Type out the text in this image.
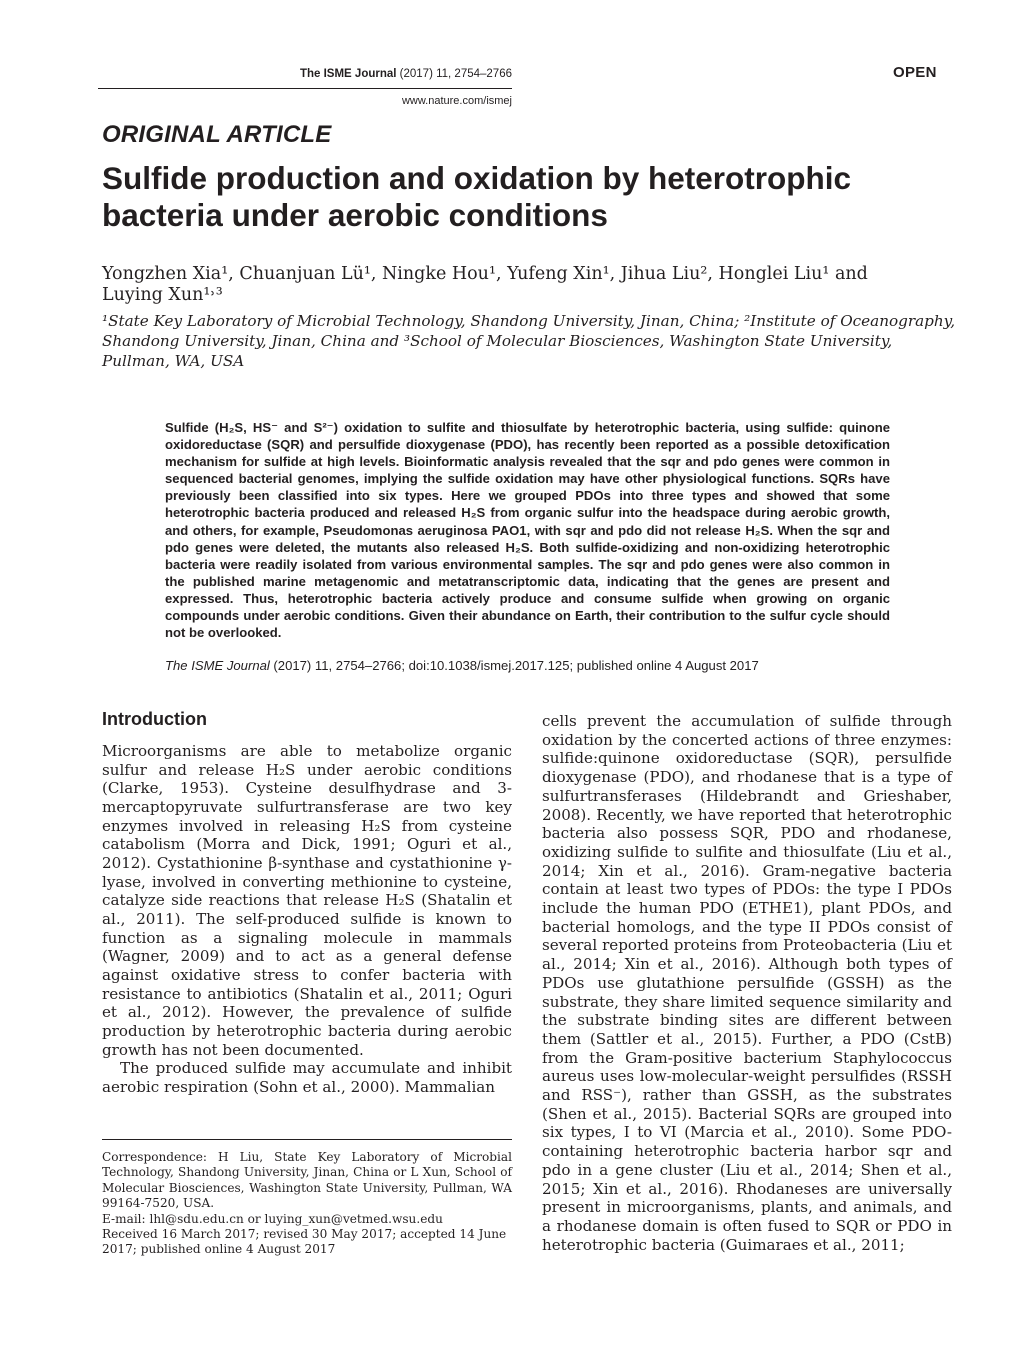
The ISME Journal (2017) 11, 2754–2766	OPEN
www.nature.com/ismej
ORIGINAL ARTICLE
Sulfide production and oxidation by heterotrophic bacteria under aerobic conditions
Yongzhen Xia¹, Chuanjuan Lü¹, Ningke Hou¹, Yufeng Xin¹, Jihua Liu², Honglei Liu¹ and Luying Xun¹˒³
¹State Key Laboratory of Microbial Technology, Shandong University, Jinan, China; ²Institute of Oceanography, Shandong University, Jinan, China and ³School of Molecular Biosciences, Washington State University, Pullman, WA, USA
Sulfide (H₂S, HS⁻ and S²⁻) oxidation to sulfite and thiosulfate by heterotrophic bacteria, using sulfide: quinone oxidoreductase (SQR) and persulfide dioxygenase (PDO), has recently been reported as a possible detoxification mechanism for sulfide at high levels. Bioinformatic analysis revealed that the sqr and pdo genes were common in sequenced bacterial genomes, implying the sulfide oxidation may have other physiological functions. SQRs have previously been classified into six types. Here we grouped PDOs into three types and showed that some heterotrophic bacteria produced and released H₂S from organic sulfur into the headspace during aerobic growth, and others, for example, Pseudomonas aeruginosa PAO1, with sqr and pdo did not release H₂S. When the sqr and pdo genes were deleted, the mutants also released H₂S. Both sulfide-oxidizing and non-oxidizing heterotrophic bacteria were readily isolated from various environmental samples. The sqr and pdo genes were also common in the published marine metagenomic and metatranscriptomic data, indicating that the genes are present and expressed. Thus, heterotrophic bacteria actively produce and consume sulfide when growing on organic compounds under aerobic conditions. Given their abundance on Earth, their contribution to the sulfur cycle should not be overlooked.
The ISME Journal (2017) 11, 2754–2766; doi:10.1038/ismej.2017.125; published online 4 August 2017
Introduction

Microorganisms are able to metabolize organic sulfur and release H₂S under aerobic conditions (Clarke, 1953). Cysteine desulfhydrase and 3-mercaptopyruvate sulfurtransferase are two key enzymes involved in releasing H₂S from cysteine catabolism (Morra and Dick, 1991; Oguri et al., 2012). Cystathionine β-synthase and cystathionine γ-lyase, involved in converting methionine to cysteine, catalyze side reactions that release H₂S (Shatalin et al., 2011). The self-produced sulfide is known to function as a signaling molecule in mammals (Wagner, 2009) and to act as a general defense against oxidative stress to confer bacteria with resistance to antibiotics (Shatalin et al., 2011; Oguri et al., 2012). However, the prevalence of sulfide production by heterotrophic bacteria during aerobic growth has not been documented.

The produced sulfide may accumulate and inhibit aerobic respiration (Sohn et al., 2000). Mammalian

Correspondence: H Liu, State Key Laboratory of Microbial Technology, Shandong University, Jinan, China or L Xun, School of Molecular Biosciences, Washington State University, Pullman, WA 99164-7520, USA.
E-mail: lhl@sdu.edu.cn or luying_xun@vetmed.wsu.edu
Received 16 March 2017; revised 30 May 2017; accepted 14 June 2017; published online 4 August 2017

cells prevent the accumulation of sulfide through oxidation by the concerted actions of three enzymes: sulfide:quinone oxidoreductase (SQR), persulfide dioxygenase (PDO), and rhodanese that is a type of sulfurtransferases (Hildebrandt and Grieshaber, 2008). Recently, we have reported that heterotrophic bacteria also possess SQR, PDO and rhodanese, oxidizing sulfide to sulfite and thiosulfate (Liu et al., 2014; Xin et al., 2016). Gram-negative bacteria contain at least two types of PDOs: the type I PDOs include the human PDO (ETHE1), plant PDOs, and bacterial homologs, and the type II PDOs consist of several reported proteins from Proteobacteria (Liu et al., 2014; Xin et al., 2016). Although both types of PDOs use glutathione persulfide (GSSH) as the substrate, they share limited sequence similarity and the substrate binding sites are different between them (Sattler et al., 2015). Further, a PDO (CstB) from the Gram-positive bacterium Staphylococcus aureus uses low-molecular-weight persulfides (RSSH and RSS⁻), rather than GSSH, as the substrates (Shen et al., 2015). Bacterial SQRs are grouped into six types, I to VI (Marcia et al., 2010). Some PDO-containing heterotrophic bacteria harbor sqr and pdo in a gene cluster (Liu et al., 2014; Shen et al., 2015; Xin et al., 2016). Rhodaneses are universally present in microorganisms, plants, and animals, and a rhodanese domain is often fused to SQR or PDO in heterotrophic bacteria (Guimaraes et al., 2011;
